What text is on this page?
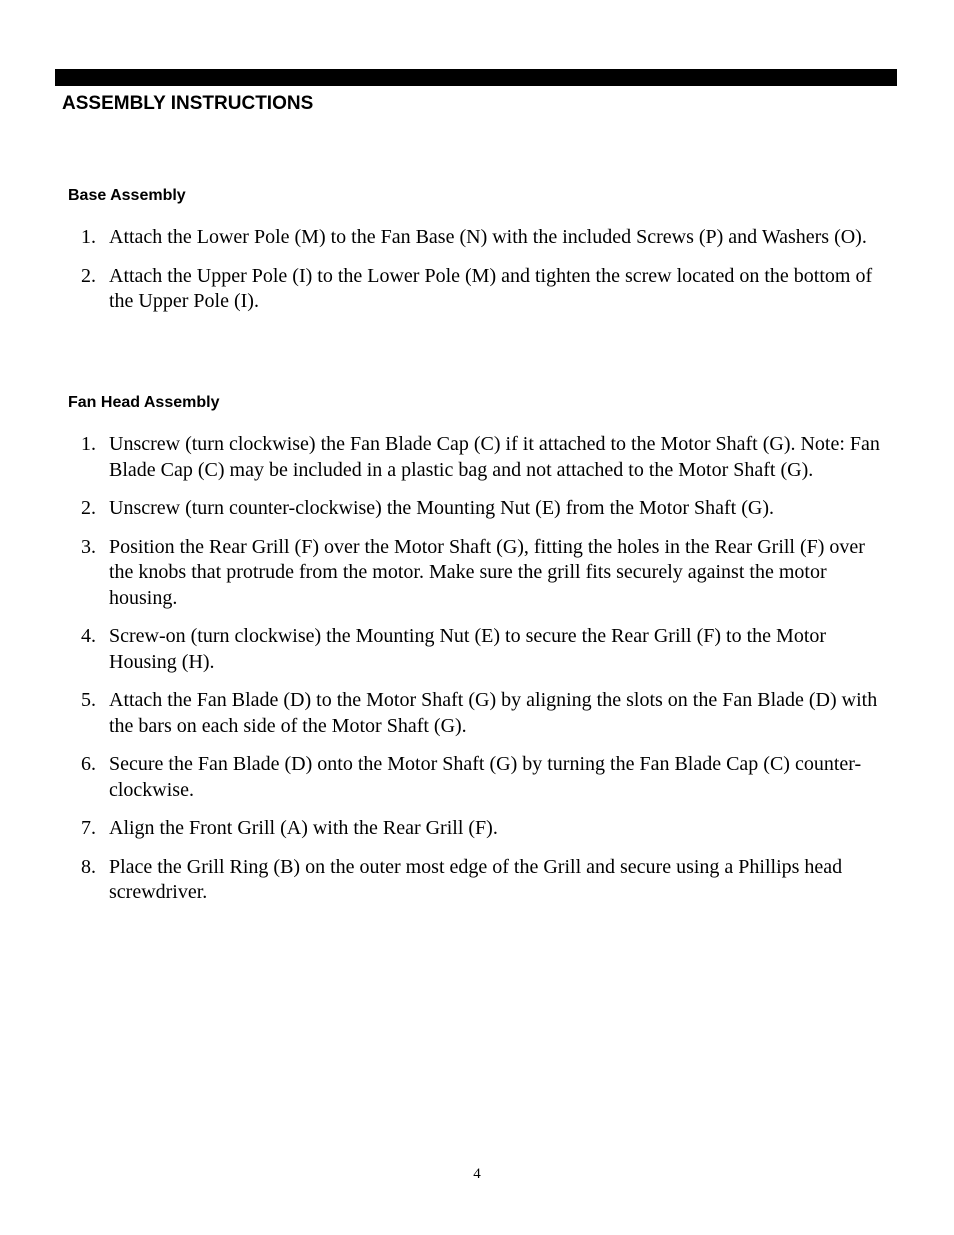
ASSEMBLY INSTRUCTIONS
Base Assembly
1. Attach the Lower Pole (M) to the Fan Base (N) with the included Screws (P) and Washers (O).
2. Attach the Upper Pole (I) to the Lower Pole (M) and tighten the screw located on the bottom of the Upper Pole (I).
Fan Head Assembly
1. Unscrew (turn clockwise) the Fan Blade Cap (C) if it attached to the Motor Shaft (G). Note: Fan Blade Cap (C) may be included in a plastic bag and not attached to the Motor Shaft (G).
2. Unscrew (turn counter-clockwise) the Mounting Nut (E) from the Motor Shaft (G).
3. Position the Rear Grill (F) over the Motor Shaft (G), fitting the holes in the Rear Grill (F) over the knobs that protrude from the motor. Make sure the grill fits securely against the motor housing.
4. Screw-on (turn clockwise) the Mounting Nut (E) to secure the Rear Grill (F) to the Motor Housing (H).
5. Attach the Fan Blade (D) to the Motor Shaft (G) by aligning the slots on the Fan Blade (D) with the bars on each side of the Motor Shaft (G).
6. Secure the Fan Blade (D) onto the Motor Shaft (G) by turning the Fan Blade Cap (C) counter-clockwise.
7. Align the Front Grill (A) with the Rear Grill (F).
8. Place the Grill Ring (B) on the outer most edge of the Grill and secure using a Phillips head screwdriver.
4
